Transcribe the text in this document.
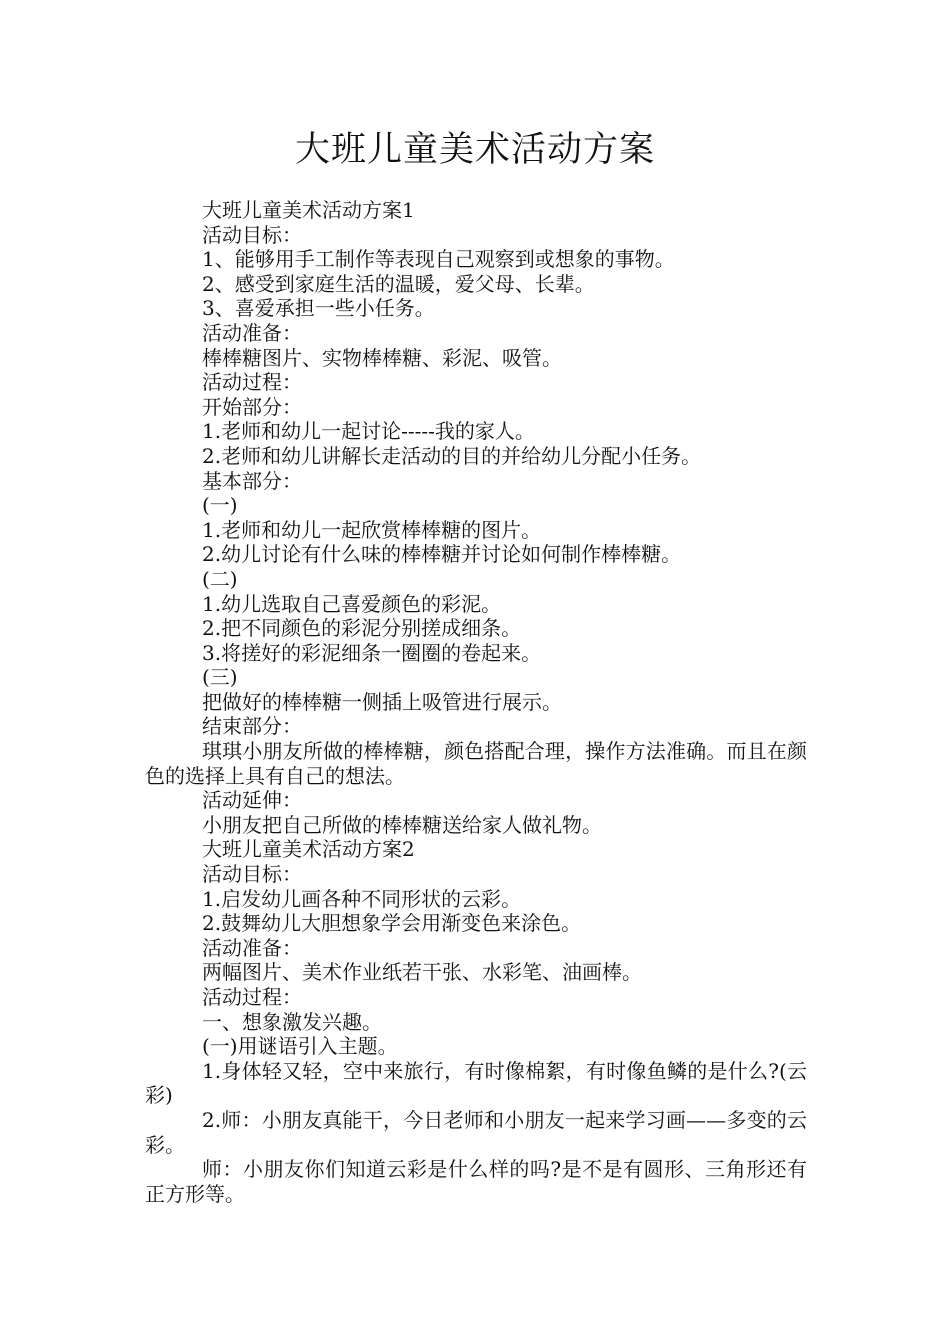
大班儿童美术活动方案

大班儿童美术活动方案1

活动目标：

1、能够用手工制作等表现自己观察到或想象的事物。

2、感受到家庭生活的温暖，爱父母、长辈。

3、喜爱承担一些小任务。

活动准备：

棒棒糖图片、实物棒棒糖、彩泥、吸管。

活动过程：

开始部分：

1.老师和幼儿一起讨论-----我的家人。

2.老师和幼儿讲解长走活动的目的并给幼儿分配小任务。

基本部分：

(一)

1.老师和幼儿一起欣赏棒棒糖的图片。

2.幼儿讨论有什么味的棒棒糖并讨论如何制作棒棒糖。

(二)

1.幼儿选取自己喜爱颜色的彩泥。

2.把不同颜色的彩泥分别搓成细条。

3.将搓好的彩泥细条一圈圈的卷起来。

(三)

把做好的棒棒糖一侧插上吸管进行展示。

结束部分：

琪琪小朋友所做的棒棒糖，颜色搭配合理，操作方法准确。而且在颜色的选择上具有自己的想法。

活动延伸：

小朋友把自己所做的棒棒糖送给家人做礼物。

大班儿童美术活动方案2

活动目标：

1.启发幼儿画各种不同形状的云彩。

2.鼓舞幼儿大胆想象学会用渐变色来涂色。

活动准备：

两幅图片、美术作业纸若干张、水彩笔、油画棒。

活动过程：

一、想象激发兴趣。

(一)用谜语引入主题。

1.身体轻又轻，空中来旅行，有时像棉絮，有时像鱼鳞的是什么?(云彩)

2.师：小朋友真能干，今日老师和小朋友一起来学习画——多变的云彩。

师：小朋友你们知道云彩是什么样的吗?是不是有圆形、三角形还有正方形等。
